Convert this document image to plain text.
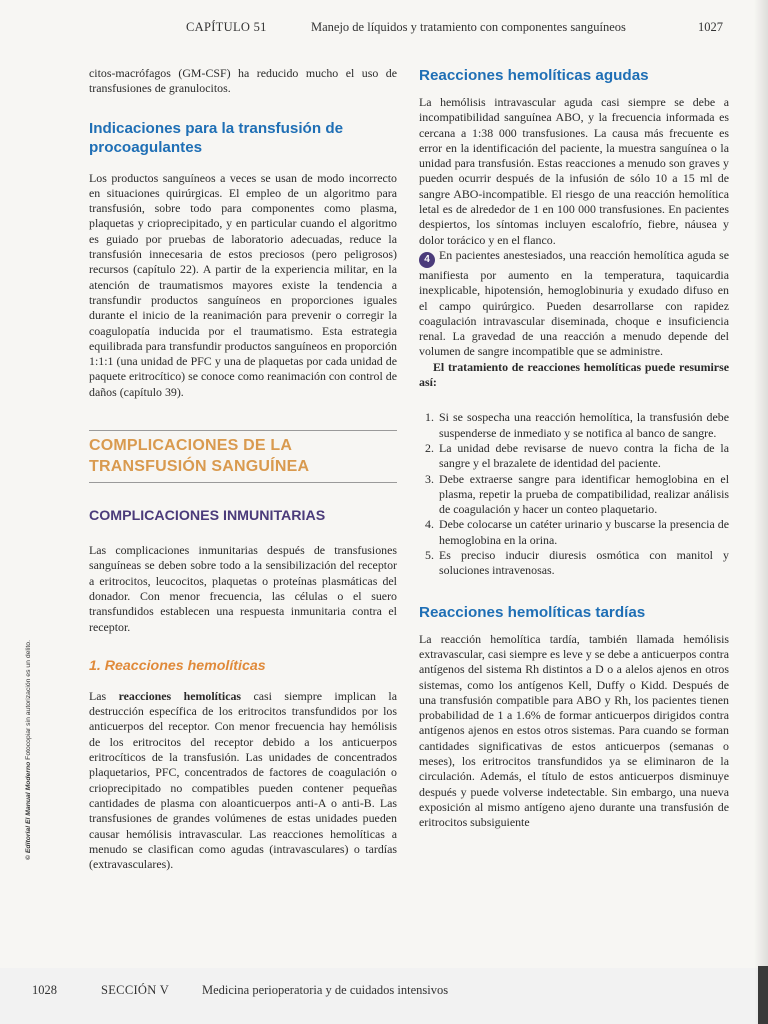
CAPÍTULO 51	Manejo de líquidos y tratamiento con componentes sanguíneos	1027

citos-macrófagos (GM-CSF) ha reducido mucho el uso de transfusiones de granulocitos.

Indicaciones para la transfusión de procoagulantes

Los productos sanguíneos a veces se usan de modo incorrecto en situaciones quirúrgicas. El empleo de un algoritmo para transfusión, sobre todo para componentes como plasma, plaquetas y crioprecipitado, y en particular cuando el algoritmo es guiado por pruebas de laboratorio adecuadas, reduce la transfusión innecesaria de estos preciosos (pero peligrosos) recursos (capítulo 22). A partir de la experiencia militar, en la atención de traumatismos mayores existe la tendencia a transfundir productos sanguíneos en proporciones iguales durante el inicio de la reanimación para prevenir o corregir la coagulopatía inducida por el traumatismo. Esta estrategia equilibrada para transfundir productos sanguíneos en proporción 1:1:1 (una unidad de PFC y una de plaquetas por cada unidad de paquete eritrocítico) se conoce como reanimación con control de daños (capítulo 39).

COMPLICACIONES DE LA TRANSFUSIÓN SANGUÍNEA
COMPLICACIONES INMUNITARIAS

Las complicaciones inmunitarias después de transfusiones sanguíneas se deben sobre todo a la sensibilización del receptor a eritrocitos, leucocitos, plaquetas o proteínas plasmáticas del donador. Con menor frecuencia, las células o el suero transfundidos establecen una respuesta inmunitaria contra el receptor.

1. Reacciones hemolíticas

Las reacciones hemolíticas casi siempre implican la destrucción específica de los eritrocitos transfundidos por los anticuerpos del receptor. Con menor frecuencia hay hemólisis de los eritrocitos del receptor debido a los anticuerpos eritrocíticos de la transfusión. Las unidades de concentrados plaquetarios, PFC, concentrados de factores de coagulación o crioprecipitado no compatibles pueden contener pequeñas cantidades de plasma con aloanticuerpos anti-A o anti-B. Las transfusiones de grandes volúmenes de estas unidades pueden causar hemólisis intravascular. Las reacciones hemolíticas a menudo se clasifican como agudas (intravasculares) o tardías (extravasculares).

Reacciones hemolíticas agudas

La hemólisis intravascular aguda casi siempre se debe a incompatibilidad sanguínea ABO, y la frecuencia informada es cercana a 1:38 000 transfusiones. La causa más frecuente es error en la identificación del paciente, la muestra sanguínea o la unidad para transfusión. Estas reacciones a menudo son graves y pueden ocurrir después de la infusión de sólo 10 a 15 ml de sangre ABO-incompatible. El riesgo de una reacción hemolítica letal es de alrededor de 1 en 100 000 transfusiones. En pacientes despiertos, los síntomas incluyen escalofrío, fiebre, náusea y dolor torácico y en el flanco.

4 En pacientes anestesiados, una reacción hemolítica aguda se manifiesta por aumento en la temperatura, taquicardia inexplicable, hipotensión, hemoglobinuria y exudado difuso en el campo quirúrgico. Pueden desarrollarse con rapidez coagulación intravascular diseminada, choque e insuficiencia renal. La gravedad de una reacción a menudo depende del volumen de sangre incompatible que se administre.

El tratamiento de reacciones hemolíticas puede resumirse así:

1. Si se sospecha una reacción hemolítica, la transfusión debe suspenderse de inmediato y se notifica al banco de sangre.
2. La unidad debe revisarse de nuevo contra la ficha de la sangre y el brazalete de identidad del paciente.
3. Debe extraerse sangre para identificar hemoglobina en el plasma, repetir la prueba de compatibilidad, realizar análisis de coagulación y hacer un conteo plaquetario.
4. Debe colocarse un catéter urinario y buscarse la presencia de hemoglobina en la orina.
5. Es preciso inducir diuresis osmótica con manitol y soluciones intravenosas.
Reacciones hemolíticas tardías

La reacción hemolítica tardía, también llamada hemólisis extravascular, casi siempre es leve y se debe a anticuerpos contra antígenos del sistema Rh distintos a D o a alelos ajenos en otros sistemas, como los antígenos Kell, Duffy o Kidd. Después de una transfusión compatible para ABO y Rh, los pacientes tienen probabilidad de 1 a 1.6% de formar anticuerpos dirigidos contra antígenos ajenos en estos otros sistemas. Para cuando se forman cantidades significativas de estos anticuerpos (semanas o meses), los eritrocitos transfundidos ya se eliminaron de la circulación. Además, el título de estos anticuerpos disminuye después y puede volverse indetectable. Sin embargo, una nueva exposición al mismo antígeno ajeno durante una transfusión de eritrocitos subsiguiente

© Editorial El Manual Moderno Fotocopiar sin autorización es un delito.
1028	SECCIÓN V	Medicina perioperatoria y de cuidados intensivos
